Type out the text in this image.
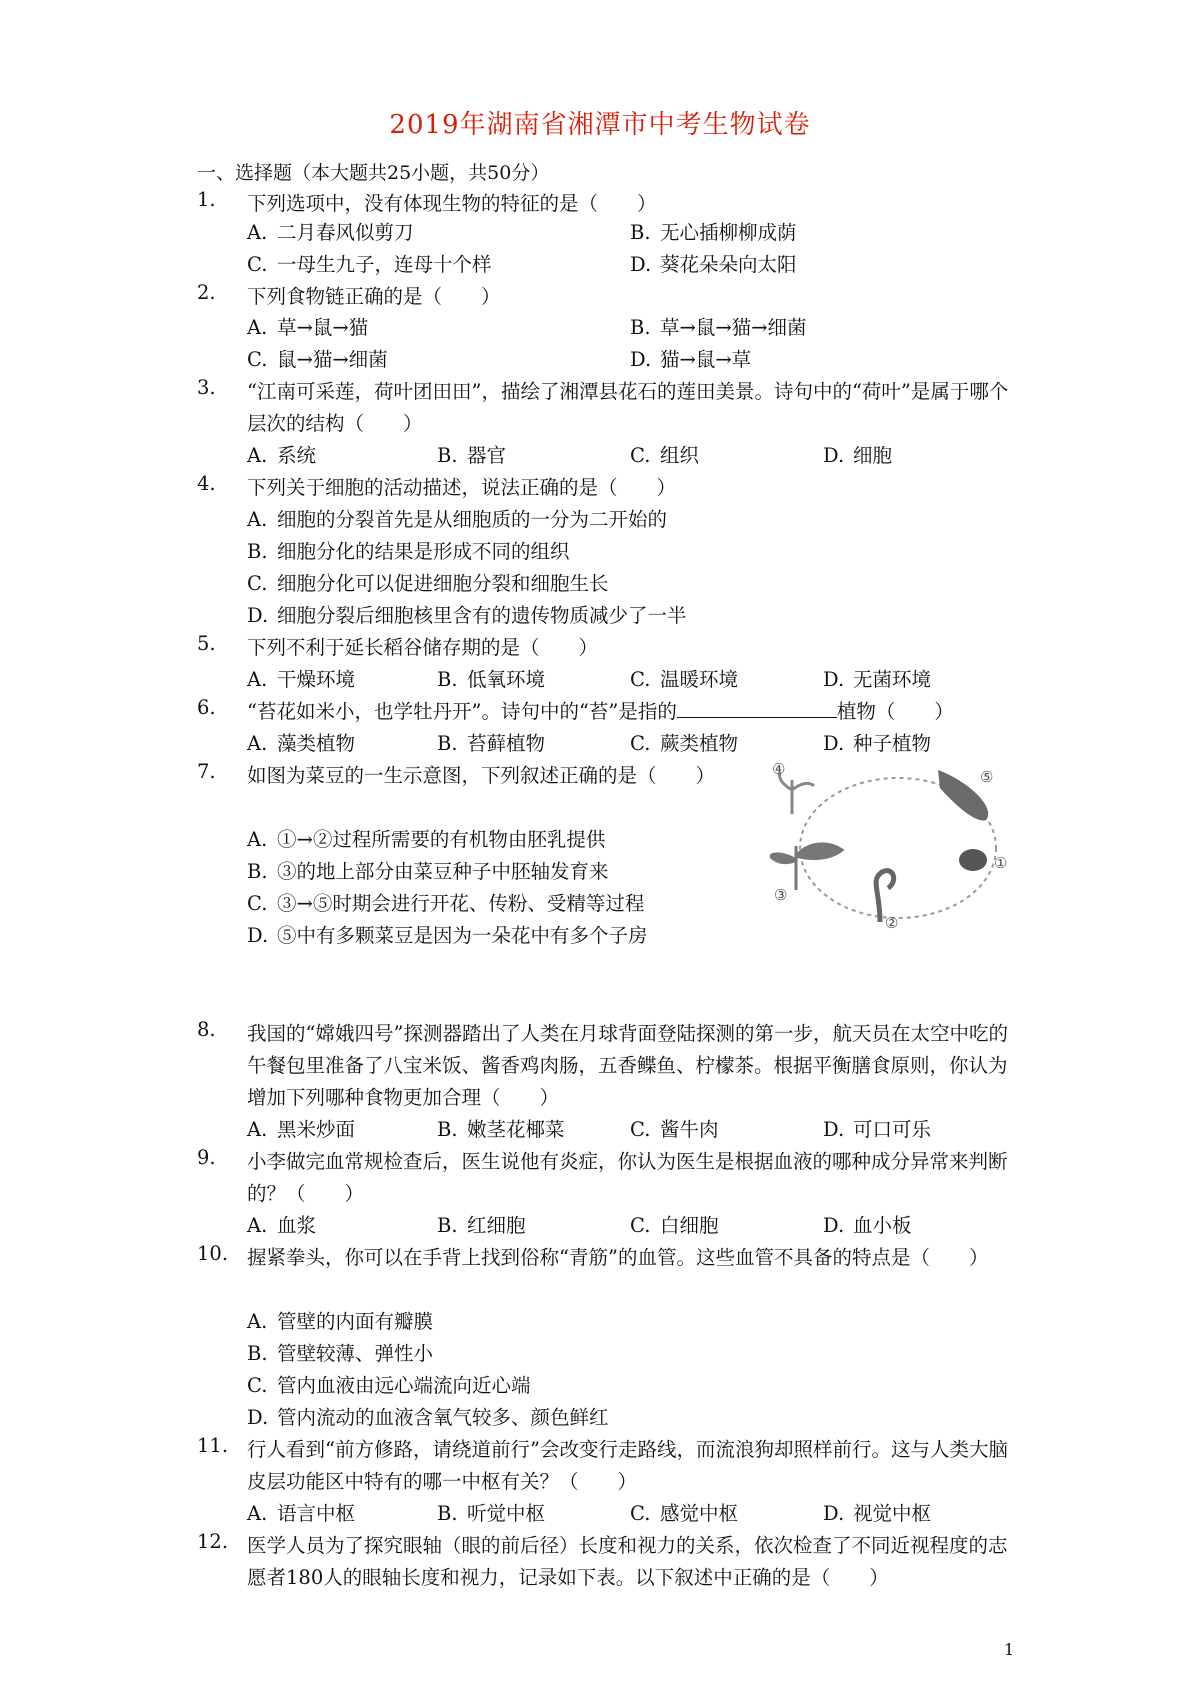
2019年湖南省湘潭市中考生物试卷
一、选择题（本大题共25小题，共50分）
1. 下列选项中，没有体现生物的特征的是（　　）
A. 二月春风似剪刀	B. 无心插柳柳成荫
C. 一母生九子，连母十个样	D. 葵花朵朵向太阳
2. 下列食物链正确的是（　　）
A. 草→鼠→猫	B. 草→鼠→猫→细菌
C. 鼠→猫→细菌	D. 猫→鼠→草
3. “江南可采莲，荷叶团田田”，描绘了湘潭县花石的莲田美景。诗句中的“荷叶”是属于哪个层次的结构（　　）
A. 系统	B. 器官	C. 组织	D. 细胞
4. 下列关于细胞的活动描述，说法正确的是（　　）
A. 细胞的分裂首先是从细胞质的一分为二开始的
B. 细胞分化的结果是形成不同的组织
C. 细胞分化可以促进细胞分裂和细胞生长
D. 细胞分裂后细胞核里含有的遗传物质减少了一半
5. 下列不利于延长稻谷储存期的是（　　）
A. 干燥环境	B. 低氧环境	C. 温暖环境	D. 无菌环境
6. “苔花如米小，也学牡丹开”。诗句中的“苔”是指的	植物（　　）
A. 藻类植物	B. 苔藓植物	C. 蕨类植物	D. 种子植物
7. 如图为菜豆的一生示意图，下列叙述正确的是（　　）
A. ①→②过程所需要的有机物由胚乳提供
B. ③的地上部分由菜豆种子中胚轴发育来
C. ③→⑤时期会进行开花、传粉、受精等过程
D. ⑤中有多颗菜豆是因为一朵花中有多个子房
③
②
①
④	⑤
8. 我国的“嫦娥四号”探测器踏出了人类在月球背面登陆探测的第一步，航天员在太空中吃的午餐包里准备了八宝米饭、酱香鸡肉肠，五香鲽鱼、柠檬茶。根据平衡膳食原则，你认为增加下列哪种食物更加合理（　　）
A. 黑米炒面	B. 嫩茎花椰菜	C. 酱牛肉	D. 可口可乐
9. 小李做完血常规检查后，医生说他有炎症，你认为医生是根据血液的哪种成分异常来判断的？（　　）
A. 血浆	B. 红细胞	C. 白细胞	D. 血小板
10. 握紧拳头，你可以在手背上找到俗称“青筋”的血管。这些血管不具备的特点是（　　）
A. 管壁的内面有瓣膜
B. 管壁较薄、弹性小
C. 管内血液由远心端流向近心端
D. 管内流动的血液含氧气较多、颜色鲜红
11. 行人看到“前方修路，请绕道前行”会改变行走路线，而流浪狗却照样前行。这与人类大脑皮层功能区中特有的哪一中枢有关？（　　）
A. 语言中枢	B. 听觉中枢	C. 感觉中枢	D. 视觉中枢
12. 医学人员为了探究眼轴（眼的前后径）长度和视力的关系，依次检查了不同近视程度的志愿者180人的眼轴长度和视力，记录如下表。以下叙述中正确的是（　　）
1
